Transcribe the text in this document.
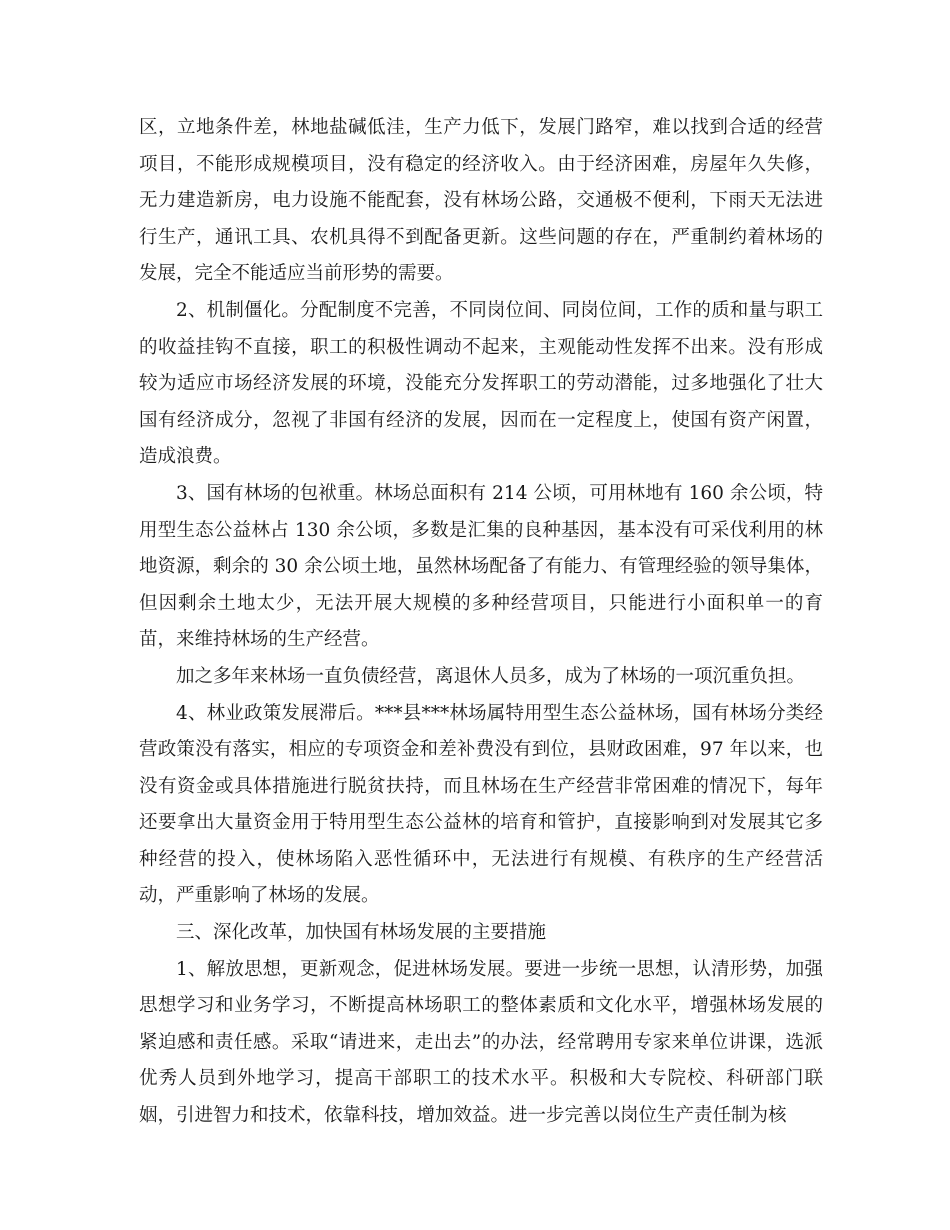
区，立地条件差，林地盐碱低洼，生产力低下，发展门路窄，难以找到合适的经营项目，不能形成规模项目，没有稳定的经济收入。由于经济困难，房屋年久失修，无力建造新房，电力设施不能配套，没有林场公路，交通极不便利，下雨天无法进行生产，通讯工具、农机具得不到配备更新。这些问题的存在，严重制约着林场的发展，完全不能适应当前形势的需要。

2、机制僵化。分配制度不完善，不同岗位间、同岗位间，工作的质和量与职工的收益挂钩不直接，职工的积极性调动不起来，主观能动性发挥不出来。没有形成较为适应市场经济发展的环境，没能充分发挥职工的劳动潜能，过多地强化了壮大国有经济成分，忽视了非国有经济的发展，因而在一定程度上，使国有资产闲置，造成浪费。

3、国有林场的包袱重。林场总面积有 214 公顷，可用林地有 160 余公顷，特用型生态公益林占 130 余公顷，多数是汇集的良种基因，基本没有可采伐利用的林地资源，剩余的 30 余公顷土地，虽然林场配备了有能力、有管理经验的领导集体，但因剩余土地太少，无法开展大规模的多种经营项目，只能进行小面积单一的育苗，来维持林场的生产经营。

加之多年来林场一直负债经营，离退休人员多，成为了林场的一项沉重负担。

4、林业政策发展滞后。***县***林场属特用型生态公益林场，国有林场分类经营政策没有落实，相应的专项资金和差补费没有到位，县财政困难，97 年以来，也没有资金或具体措施进行脱贫扶持，而且林场在生产经营非常困难的情况下，每年还要拿出大量资金用于特用型生态公益林的培育和管护，直接影响到对发展其它多种经营的投入，使林场陷入恶性循环中，无法进行有规模、有秩序的生产经营活动，严重影响了林场的发展。

三、深化改革，加快国有林场发展的主要措施

1、解放思想，更新观念，促进林场发展。要进一步统一思想，认清形势，加强思想学习和业务学习，不断提高林场职工的整体素质和文化水平，增强林场发展的紧迫感和责任感。采取“请进来，走出去”的办法，经常聘用专家来单位讲课，选派优秀人员到外地学习，提高干部职工的技术水平。积极和大专院校、科研部门联姻，引进智力和技术，依靠科技，增加效益。进一步完善以岗位生产责任制为核
